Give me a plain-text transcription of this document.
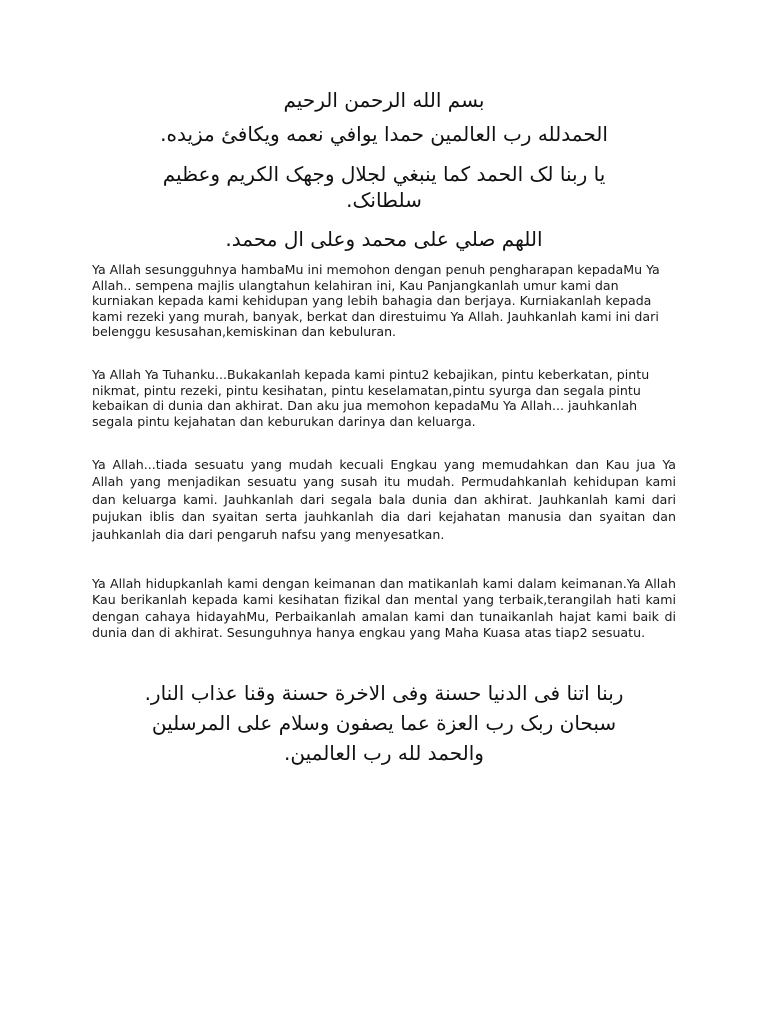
بسم الله الرحمن الرحيم
الحمدلله رب العالمين حمدا يوافي نعمه ويكافئ مزيده.
يا ربنا لک الحمد كما ينبغي لجلال وجهک الكريم وعظيم
سلطانک.
اللهم صلي على محمد وعلى ال محمد.
Ya Allah sesungguhnya hambaMu ini memohon dengan penuh pengharapan kepadaMu Ya Allah.. sempena majlis ulangtahun kelahiran ini, Kau Panjangkanlah umur kami dan kurniakan kepada kami kehidupan yang lebih bahagia dan berjaya. Kurniakanlah kepada kami rezeki yang murah, banyak, berkat dan direstuimu Ya Allah. Jauhkanlah kami ini dari belenggu kesusahan,kemiskinan dan kebuluran.
Ya Allah Ya Tuhanku...Bukakanlah kepada kami pintu2 kebajikan, pintu keberkatan, pintu nikmat, pintu rezeki, pintu kesihatan, pintu keselamatan,pintu syurga dan segala pintu kebaikan di dunia dan akhirat. Dan aku jua memohon kepadaMu Ya Allah... jauhkanlah segala pintu kejahatan dan keburukan darinya dan keluarga.
Ya Allah...tiada sesuatu yang mudah kecuali Engkau yang memudahkan dan Kau jua Ya Allah yang menjadikan sesuatu yang susah itu mudah. Permudahkanlah kehidupan kami dan keluarga kami. Jauhkanlah dari segala bala dunia dan akhirat. Jauhkanlah kami dari pujukan iblis dan syaitan serta jauhkanlah dia dari kejahatan manusia dan syaitan dan jauhkanlah dia dari pengaruh nafsu yang menyesatkan.
Ya Allah hidupkanlah kami dengan keimanan dan matikanlah kami dalam keimanan.Ya Allah Kau berikanlah kepada kami kesihatan fizikal dan mental yang terbaik,terangilah hati kami dengan cahaya hidayahMu, Perbaikanlah amalan kami dan tunaikanlah hajat kami baik di dunia dan di akhirat. Sesunguhnya hanya engkau yang Maha Kuasa atas tiap2 sesuatu.
ربنا اتنا فى الدنيا حسنة وفى الاخرة حسنة وقنا عذاب النار.
سبحان ربک رب العزة عما يصفون وسلام على المرسلين
والحمد لله رب العالمين.
